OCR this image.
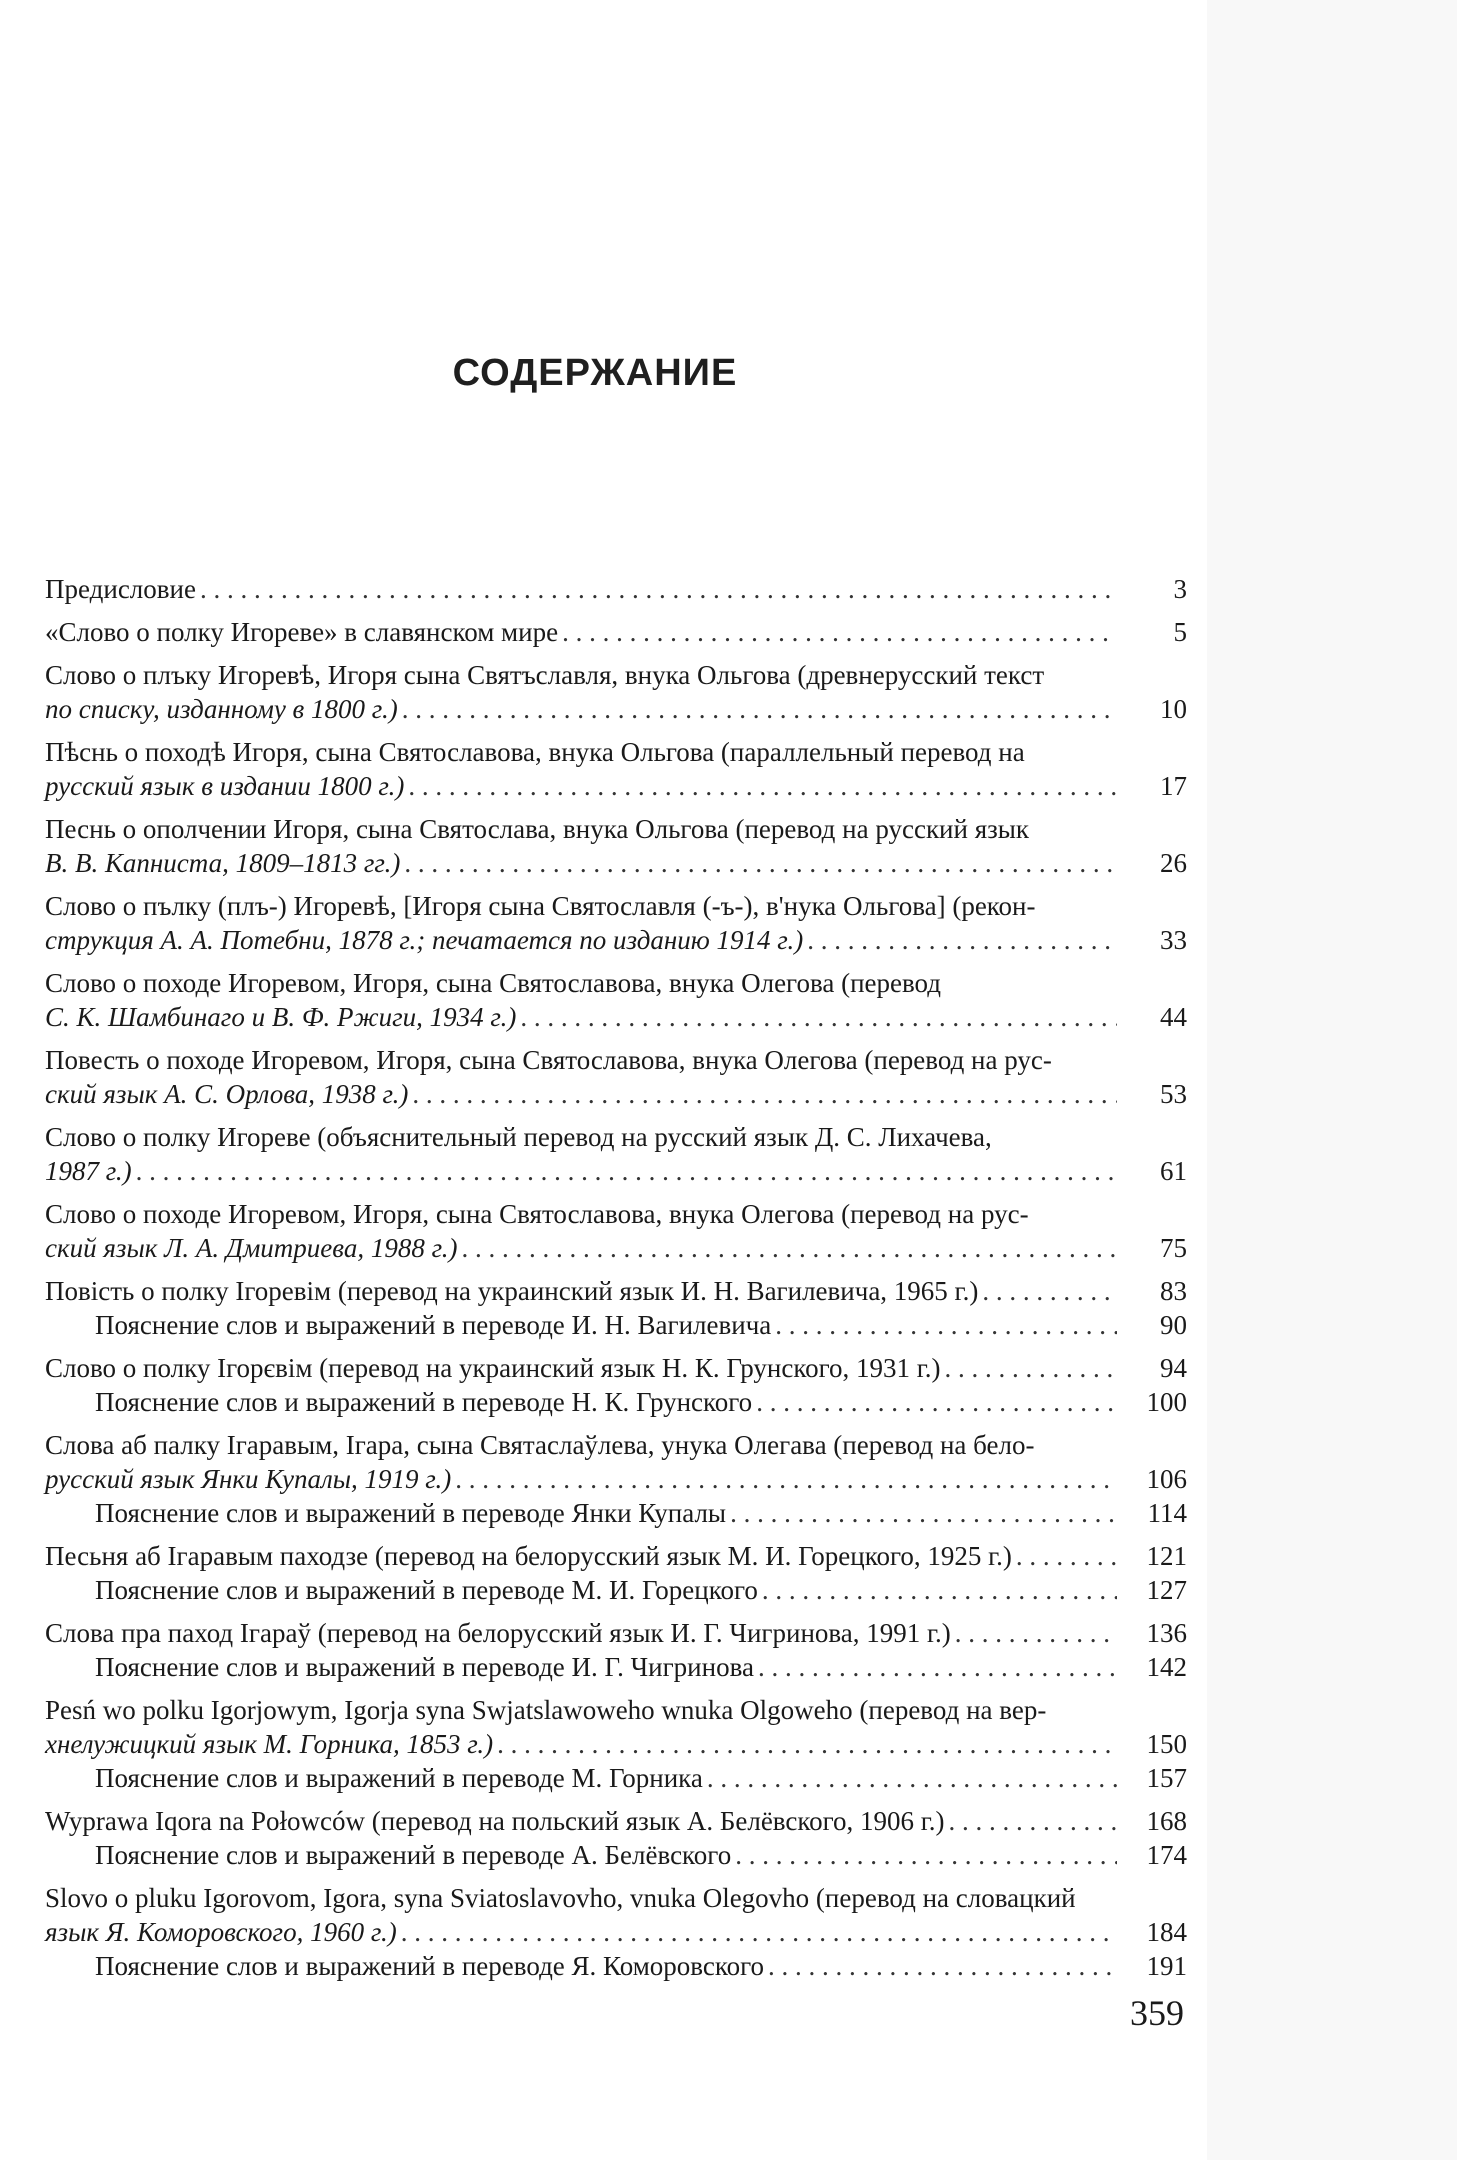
СОДЕРЖАНИЕ
Предисловие . . .	3
«Слово о полку Игореве» в славянском мире . . .	5
Слово о плъку Игоревѣ, Игоря сына Святъславля, внука Ольгова (древнерусский текст
по списку, изданному в 1800 г.) . . .	10
Пѣснь о походѣ Игоря, сына Святославова, внука Ольгова (параллельный перевод на
русский язык в издании 1800 г.) . . .	17
Песнь о ополчении Игоря, сына Святослава, внука Ольгова (перевод на русский язык
В. В. Капниста, 1809–1813 гг.) . . .	26
Слово о пълку (плъ-) Игоревѣ, [Игоря сына Святославля (-ъ-), в'нука Ольгова] (рекон-
струкция А. А. Потебни, 1878 г.; печатается по изданию 1914 г.) . . .	33
Слово о походе Игоревом, Игоря, сына Святославова, внука Олегова (перевод
С. К. Шамбинаго и В. Ф. Ржиги, 1934 г.) . . .	44
Повесть о походе Игоревом, Игоря, сына Святославова, внука Олегова (перевод на рус-
ский язык А. С. Орлова, 1938 г.) . . .	53
Слово о полку Игореве (объяснительный перевод на русский язык Д. С. Лихачева,
1987 г.) . . .	61
Слово о походе Игоревом, Игоря, сына Святославова, внука Олегова (перевод на рус-
ский язык Л. А. Дмитриева, 1988 г.) . . .	75
Повість о полку Ігоревім (перевод на украинский язык И. Н. Вагилевича, 1965 г.) . . .	83
Пояснение слов и выражений в переводе И. Н. Вагилевича . . .	90
Слово о полку Ігорєвім (перевод на украинский язык Н. К. Грунского, 1931 г.) . . .	94
Пояснение слов и выражений в переводе Н. К. Грунского . . .	100
Слова аб палку Ігаравым, Ігара, сына Святаслаўлева, унука Олегава (перевод на бело-
русский язык Янки Купалы, 1919 г.) . . .	106
Пояснение слов и выражений в переводе Янки Купалы . . .	114
Песьня аб Ігаравым паходзе (перевод на белорусский язык М. И. Горецкого, 1925 г.) . . .	121
Пояснение слов и выражений в переводе М. И. Горецкого . . .	127
Слова пра паход Ігараў (перевод на белорусский язык И. Г. Чигринова, 1991 г.) . . .	136
Пояснение слов и выражений в переводе И. Г. Чигринова . . .	142
Pesń wo polku Igorjowym, Igorja syna Swjatslawoweho wnuka Olgoweho (перевод на вер-
хнелужицкий язык М. Горника, 1853 г.) . . .	150
Пояснение слов и выражений в переводе М. Горника . . .	157
Wyprawa Iqora na Połowców (перевод на польский язык А. Белёвского, 1906 г.) . . .	168
Пояснение слов и выражений в переводе А. Белёвского . . .	174
Slovo o pluku Igorovom, Igora, syna Sviatoslavovho, vnuka Olegovho (перевод на словацкий
язык Я. Коморовского, 1960 г.) . . .	184
Пояснение слов и выражений в переводе Я. Коморовского . . .	191
359
